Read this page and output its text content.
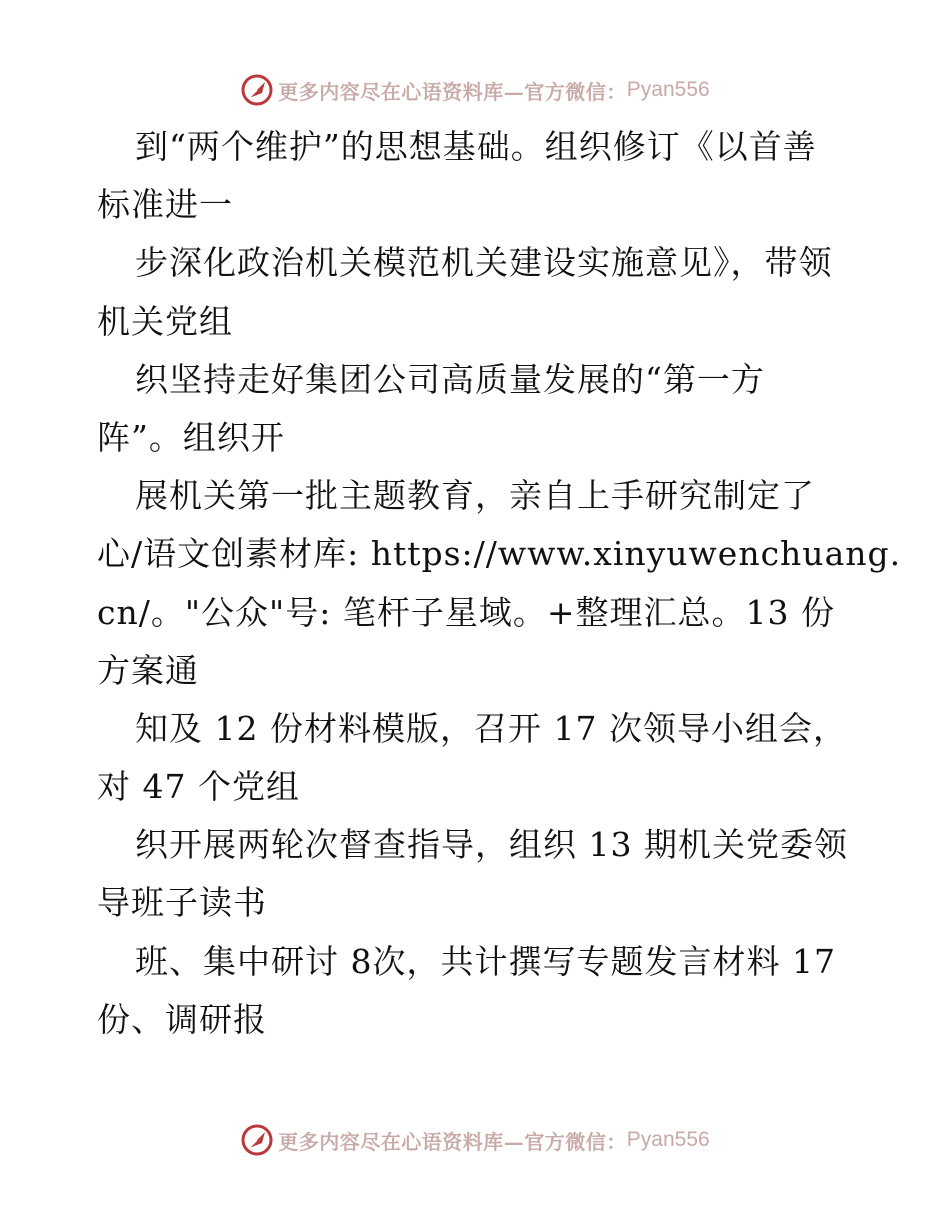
更多内容尽在心语资料库—官方微信： Pyan556
到“两个维护”的思想基础。组织修订《以首善
标准进一
步深化政治机关模范机关建设实施意见》，带领
机关党组
织坚持走好集团公司高质量发展的“第一方
阵”。组织开
展机关第一批主题教育，亲自上手研究制定了
心/语文创素材库: https://www.xinyuwenchuang.
cn/。"公众"号: 笔杆子星域。+整理汇总。13 份
方案通
知及 12 份材料模版，召开 17 次领导小组会，
对 47 个党组
织开展两轮次督查指导，组织 13 期机关党委领
导班子读书
班、集中研讨 8次，共计撰写专题发言材料 17
份、调研报
更多内容尽在心语资料库—官方微信： Pyan556
